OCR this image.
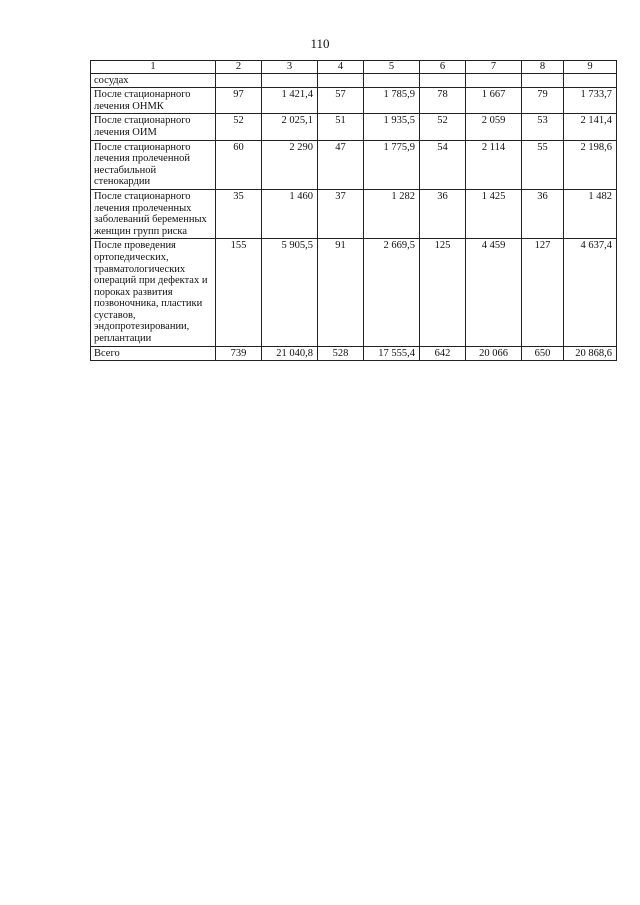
110
1	2	3	4	5	6	7	8	9
сосудах								
После стационарного лечения ОНМК	97	1 421,4	57	1 785,9	78	1 667	79	1 733,7
После стационарного лечения ОИМ	52	2 025,1	51	1 935,5	52	2 059	53	2 141,4
После стационарного лечения пролеченной нестабильной стенокардии	60	2 290	47	1 775,9	54	2 114	55	2 198,6
После стационарного лечения пролеченных заболеваний беременных женщин групп риска	35	1 460	37	1 282	36	1 425	36	1 482
После проведения ортопедических, травматологических операций при дефектах и пороках развития позвоночника, пластики суставов, эндопротезировании, реплантации	155	5 905,5	91	2 669,5	125	4 459	127	4 637,4
Всего	739	21 040,8	528	17 555,4	642	20 066	650	20 868,6
